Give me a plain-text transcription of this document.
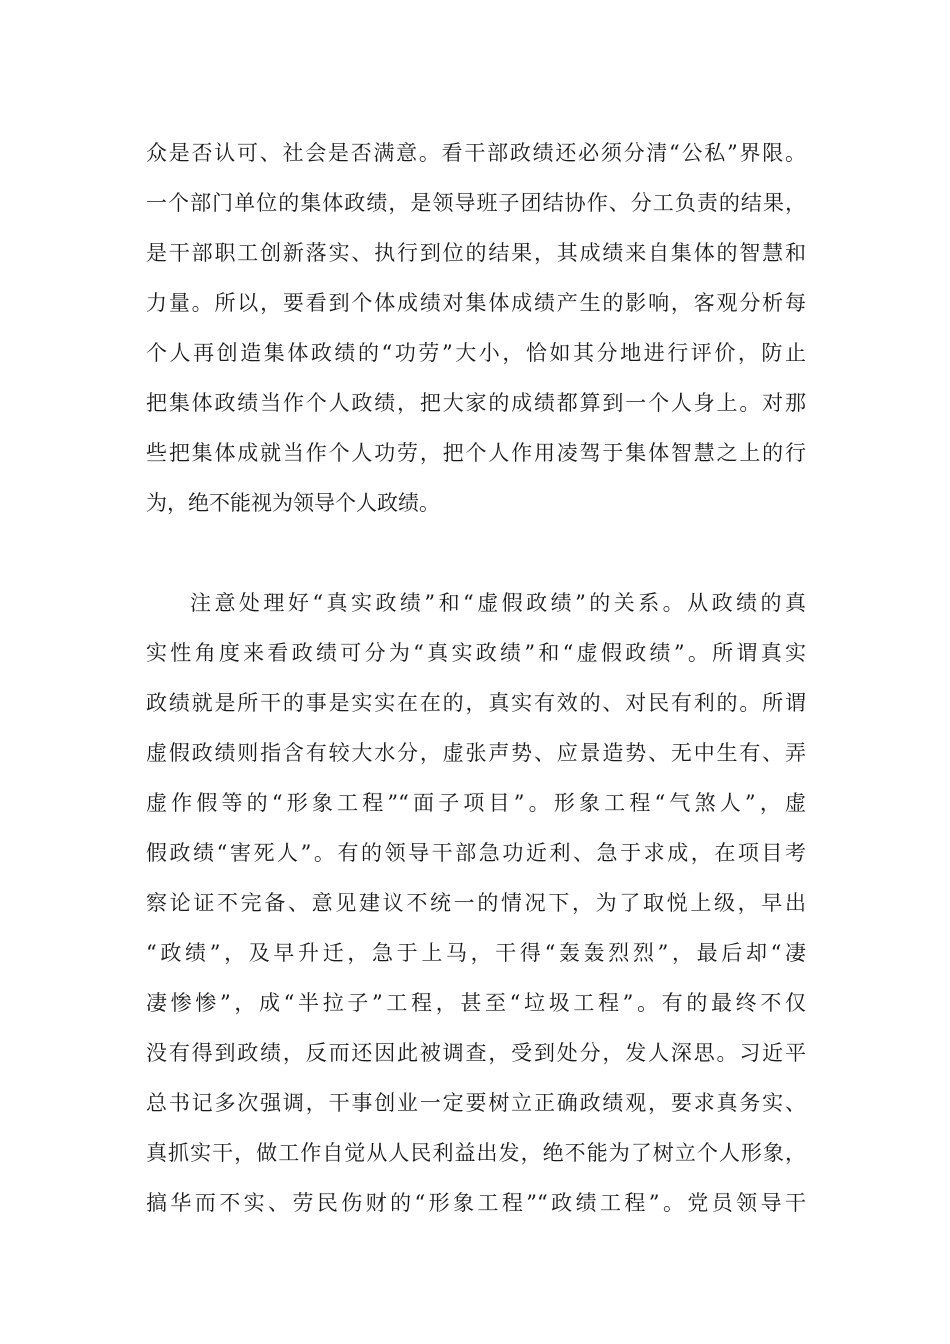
众是否认可、社会是否满意。看干部政绩还必须分清“公私”界限。
一个部门单位的集体政绩，是领导班子团结协作、分工负责的结果，
是干部职工创新落实、执行到位的结果，其成绩来自集体的智慧和
力量。所以，要看到个体成绩对集体成绩产生的影响，客观分析每
个人再创造集体政绩的“功劳”大小，恰如其分地进行评价，防止
把集体政绩当作个人政绩，把大家的成绩都算到一个人身上。对那
些把集体成就当作个人功劳，把个人作用凌驾于集体智慧之上的行
为，绝不能视为领导个人政绩。
注意处理好“真实政绩”和“虚假政绩”的关系。从政绩的真
实性角度来看政绩可分为“真实政绩”和“虚假政绩”。所谓真实
政绩就是所干的事是实实在在的，真实有效的、对民有利的。所谓
虚假政绩则指含有较大水分，虚张声势、应景造势、无中生有、弄
虚作假等的“形象工程”“面子项目”。形象工程“气煞人”，虚
假政绩“害死人”。有的领导干部急功近利、急于求成，在项目考
察论证不完备、意见建议不统一的情况下，为了取悦上级，早出
“政绩”，及早升迁，急于上马，干得“轰轰烈烈”，最后却“凄
凄惨惨”，成“半拉子”工程，甚至“垃圾工程”。有的最终不仅
没有得到政绩，反而还因此被调查，受到处分，发人深思。习近平
总书记多次强调，干事创业一定要树立正确政绩观，要求真务实、
真抓实干，做工作自觉从人民利益出发，绝不能为了树立个人形象，
搞华而不实、劳民伤财的“形象工程”“政绩工程”。党员领导干
